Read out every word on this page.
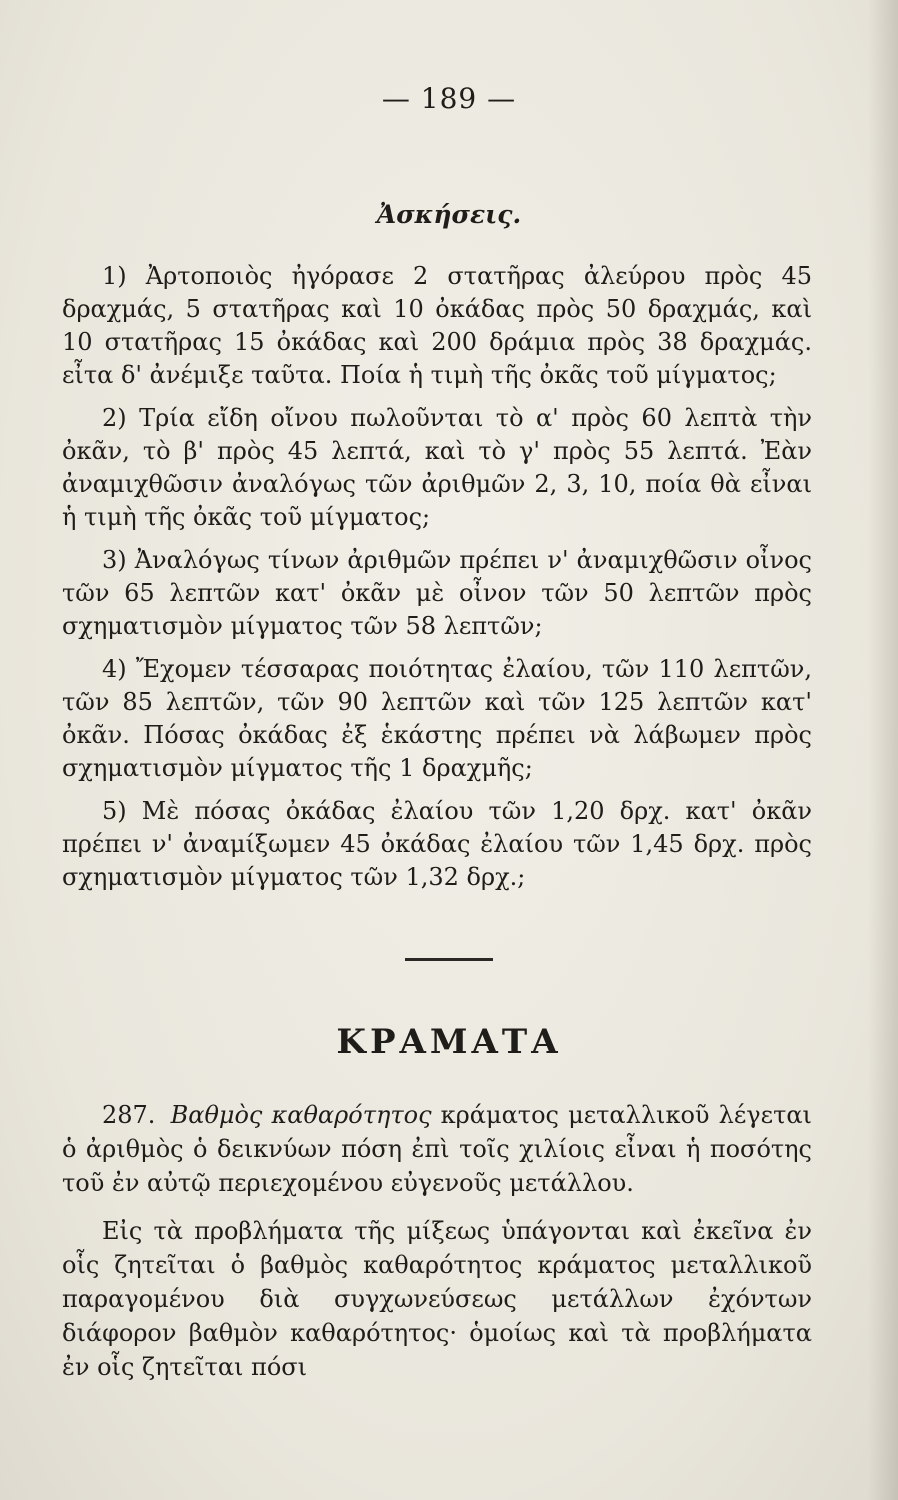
— 189 —
Ἀσκήσεις.

1) Ἀρτοποιὸς ἠγόρασε 2 στατῆρας ἀλεύρου πρὸς 45 δραχμάς, 5 στατῆρας καὶ 10 ὀκάδας πρὸς 50 δραχμάς, καὶ 10 στατῆρας 15 ὀκάδας καὶ 200 δράμια πρὸς 38 δραχμάς. εἶτα δ' ἀνέμιξε ταῦτα. Ποία ἡ τιμὴ τῆς ὀκᾶς τοῦ μίγματος;

2) Τρία εἴδη οἴνου πωλοῦνται τὸ α' πρὸς 60 λεπτὰ τὴν ὀκᾶν, τὸ β' πρὸς 45 λεπτά, καὶ τὸ γ' πρὸς 55 λεπτά. Ἐὰν ἀναμιχθῶσιν ἀναλόγως τῶν ἀριθμῶν 2, 3, 10, ποία θὰ εἶναι ἡ τιμὴ τῆς ὀκᾶς τοῦ μίγματος;

3) Ἀναλόγως τίνων ἀριθμῶν πρέπει ν' ἀναμιχθῶσιν οἶνος τῶν 65 λεπτῶν κατ' ὀκᾶν μὲ οἶνον τῶν 50 λεπτῶν πρὸς σχηματισμὸν μίγματος τῶν 58 λεπτῶν;

4) Ἔχομεν τέσσαρας ποιότητας ἐλαίου, τῶν 110 λεπτῶν, τῶν 85 λεπτῶν, τῶν 90 λεπτῶν καὶ τῶν 125 λεπτῶν κατ' ὀκᾶν. Πόσας ὀκάδας ἐξ ἑκάστης πρέπει νὰ λάβωμεν πρὸς σχηματισμὸν μίγματος τῆς 1 δραχμῆς;

5) Μὲ πόσας ὀκάδας ἐλαίου τῶν 1,20 δρχ. κατ' ὀκᾶν πρέπει ν' ἀναμίξωμεν 45 ὀκάδας ἐλαίου τῶν 1,45 δρχ. πρὸς σχηματισμὸν μίγματος τῶν 1,32 δρχ.;

ΚΡΑΜΑΤΑ

287. Βαθμὸς καθαρότητος κράματος μεταλλικοῦ λέγεται ὁ ἀριθμὸς ὁ δεικνύων πόση ἐπὶ τοῖς χιλίοις εἶναι ἡ ποσότης τοῦ ἐν αὐτῷ περιεχομένου εὐγενοῦς μετάλλου.

Εἰς τὰ προβλήματα τῆς μίξεως ὑπάγονται καὶ ἐκεῖνα ἐν οἷς ζητεῖται ὁ βαθμὸς καθαρότητος κράματος μεταλλικοῦ παραγομένου διὰ συγχωνεύσεως μετάλλων ἐχόντων διάφορον βαθμὸν καθαρότητος· ὁμοίως καὶ τὰ προβλήματα ἐν οἷς ζητεῖται πόσι
